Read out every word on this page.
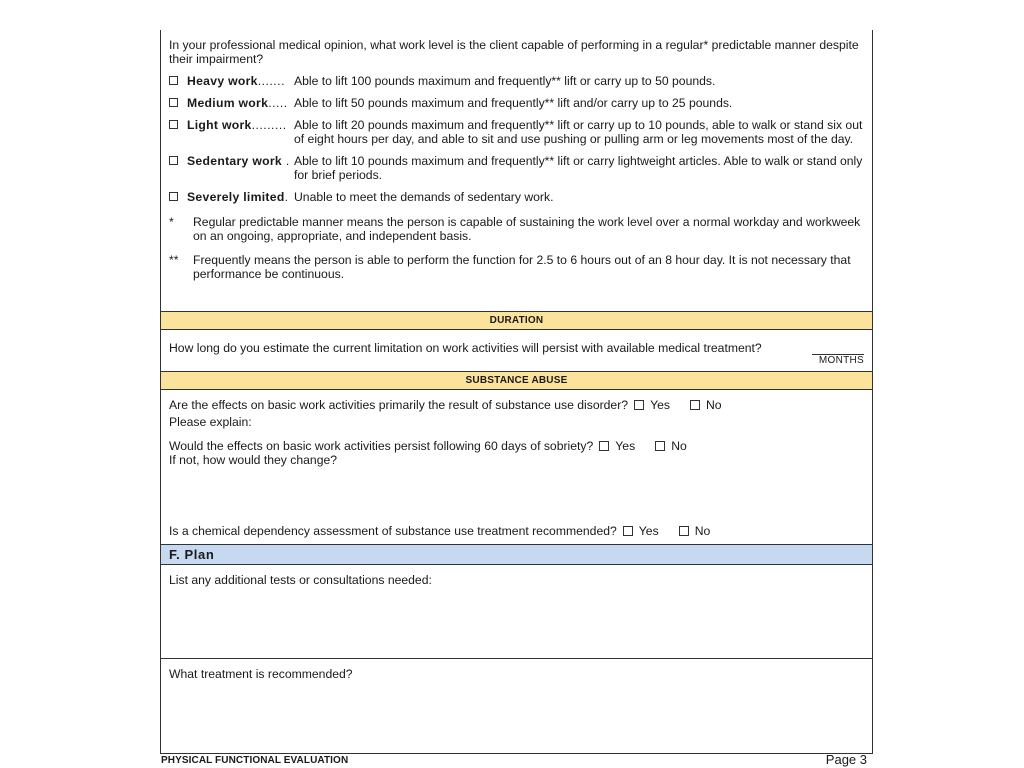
In your professional medical opinion, what work level is the client capable of performing in a regular* predictable manner despite their impairment?

Heavy work....... Able to lift 100 pounds maximum and frequently** lift or carry up to 50 pounds.
Medium work..... Able to lift 50 pounds maximum and frequently** lift and/or carry up to 25 pounds.
Light work......... Able to lift 20 pounds maximum and frequently** lift or carry up to 10 pounds, able to walk or stand six out of eight hours per day, and able to sit and use pushing or pulling arm or leg movements most of the day.
Sedentary work . Able to lift 10 pounds maximum and frequently** lift or carry lightweight articles. Able to walk or stand only for brief periods.
Severely limited. Unable to meet the demands of sedentary work.
*	Regular predictable manner means the person is capable of sustaining the work level over a normal workday and workweek on an ongoing, appropriate, and independent basis.
**	Frequently means the person is able to perform the function for 2.5 to 6 hours out of an 8 hour day. It is not necessary that performance be continuous.
DURATION
How long do you estimate the current limitation on work activities will persist with available medical treatment?
MONTHS
SUBSTANCE ABUSE
Are the effects on basic work activities primarily the result of substance use disorder? Yes	No
Please explain:
Would the effects on basic work activities persist following 60 days of sobriety? Yes	No
If not, how would they change?
Is a chemical dependency assessment of substance use treatment recommended? Yes	No
F. Plan
List any additional tests or consultations needed:
What treatment is recommended?
PHYSICAL FUNCTIONAL EVALUATION	Page 3
